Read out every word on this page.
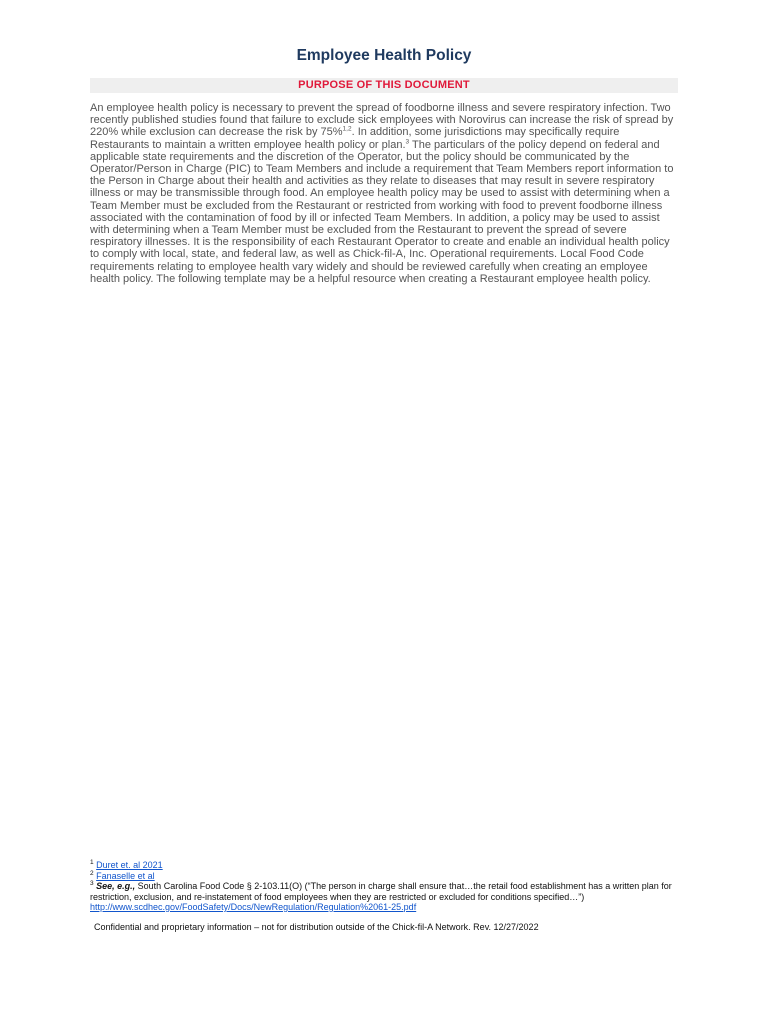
Employee Health Policy
PURPOSE OF THIS DOCUMENT

An employee health policy is necessary to prevent the spread of foodborne illness and severe respiratory infection. Two recently published studies found that failure to exclude sick employees with Norovirus can increase the risk of spread by 220% while exclusion can decrease the risk by 75%$^{1,2}$. In addition, some jurisdictions may specifically require Restaurants to maintain a written employee health policy or plan.$^3$ The particulars of the policy depend on federal and applicable state requirements and the discretion of the Operator, but the policy should be communicated by the Operator/Person in Charge (PIC) to Team Members and include a requirement that Team Members report information to the Person in Charge about their health and activities as they relate to diseases that may result in severe respiratory illness or may be transmissible through food. An employee health policy may be used to assist with determining when a Team Member must be excluded from the Restaurant or restricted from working with food to prevent foodborne illness associated with the contamination of food by ill or infected Team Members. In addition, a policy may be used to assist with determining when a Team Member must be excluded from the Restaurant to prevent the spread of severe respiratory illnesses. It is the responsibility of each Restaurant Operator to create and enable an individual health policy to comply with local, state, and federal law, as well as Chick-fil-A, Inc. Operational requirements. Local Food Code requirements relating to employee health vary widely and should be reviewed carefully when creating an employee health policy. The following template may be a helpful resource when creating a Restaurant employee health policy.

$^1$ Duret et. al 2021

$^2$ Fanaselle et al

$^3$ See, e.g., South Carolina Food Code § 2-103.11(O) (“The person in charge shall ensure that…the retail food establishment has a written plan for restriction, exclusion, and re-instatement of food employees when they are restricted or excluded for conditions specified…”) http://www.scdhec.gov/FoodSafety/Docs/NewRegulation/Regulation%2061-25.pdf

Confidential and proprietary information – not for distribution outside of the Chick-fil-A Network. Rev. 12/27/2022
